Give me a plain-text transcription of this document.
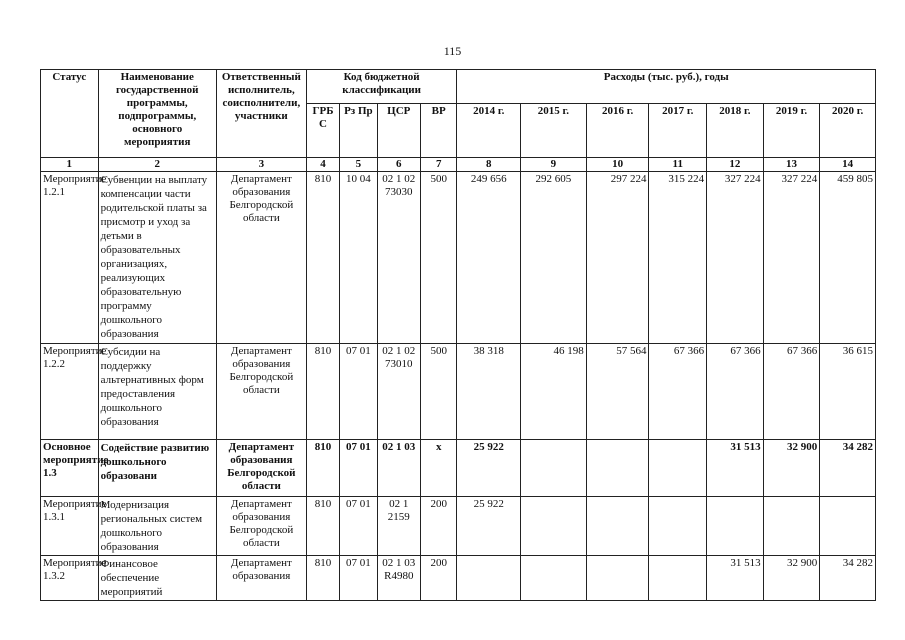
115
Статус	Наименование государственной программы, подпрограммы, основного мероприятия	Ответственный исполнитель, соисполнители, участники	Код бюджетной классификации				Расходы (тыс. руб.), годы						
			ГРБ С	Рз Пр	ЦСР	ВР	2014 г.	2015 г.	2016 г.	2017 г.	2018 г.	2019 г.	2020 г.
1	2	3	4	5	6	7	8	9	10	11	12	13	14
Мероприятие 1.2.1	Субвенции на выплату компенсации части родительской платы за присмотр и уход за детьми в образовательных организациях, реализующих образовательную программу дошкольного образования	Департамент образования Белгородской области	810	10 04	02 1 02 73030	500	249 656	292 605	297 224	315 224	327 224	327 224	459 805
Мероприятие 1.2.2	Субсидии на поддержку альтернативных форм предоставления дошкольного образования	Департамент образования Белгородской области	810	07 01	02 1 02 73010	500	38 318	46 198	57 564	67 366	67 366	67 366	36 615
Основное мероприятие 1.3	Содействие развитию дошкольного образовани	Департамент образования Белгородской области	810	07 01	02 1 03	х	25 922				31 513	32 900	34 282
Мероприятие 1.3.1	Модернизация региональных систем дошкольного образования	Департамент образования Белгородской области	810	07 01	02 1 2159	200	25 922						
Мероприятие 1.3.2	Финансовое обеспечение мероприятий	Департамент образования	810	07 01	02 1 03 R4980	200					31 513	32 900	34 282
